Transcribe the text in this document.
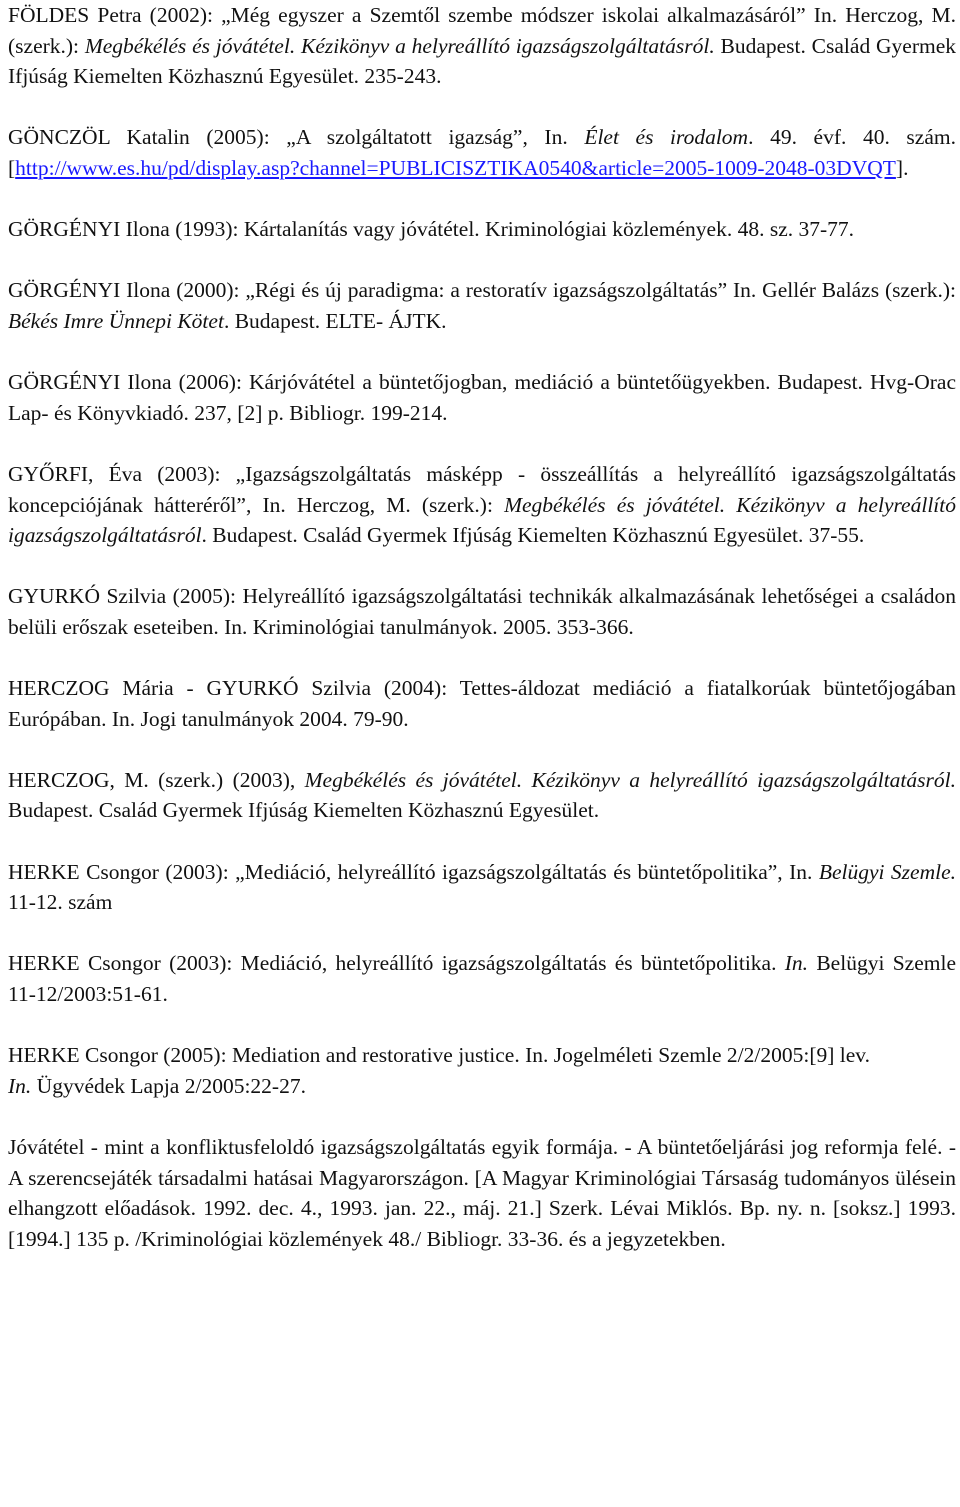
FÖLDES Petra (2002): „Még egyszer a Szemtől szembe módszer iskolai alkalmazásáról” In. Herczog, M. (szerk.): Megbékélés és jóvátétel. Kézikönyv a helyreállító igazságszolgáltatásról. Budapest. Család Gyermek Ifjúság Kiemelten Közhasznú Egyesület. 235-243.

GÖNCZÖL Katalin (2005): „A szolgáltatott igazság”, In. Élet és irodalom. 49. évf. 40. szám. [http://www.es.hu/pd/display.asp?channel=PUBLICISZTIKA0540&article=2005-1009-2048-03DVQT].

GÖRGÉNYI Ilona (1993): Kártalanítás vagy jóvátétel. Kriminológiai közlemények. 48. sz. 37-77.

GÖRGÉNYI Ilona (2000): „Régi és új paradigma: a restoratív igazságszolgáltatás” In. Gellér Balázs (szerk.): Békés Imre Ünnepi Kötet. Budapest. ELTE- ÁJTK.

GÖRGÉNYI Ilona (2006): Kárjóvátétel a büntetőjogban, mediáció a büntetőügyekben. Budapest. Hvg-Orac Lap- és Könyvkiadó. 237, [2] p. Bibliogr. 199-214.

GYŐRFI, Éva (2003): „Igazságszolgáltatás másképp - összeállítás a helyreállító igazságszolgáltatás koncepciójának hátteréről”, In. Herczog, M. (szerk.): Megbékélés és jóvátétel. Kézikönyv a helyreállító igazságszolgáltatásról. Budapest. Család Gyermek Ifjúság Kiemelten Közhasznú Egyesület. 37-55.

GYURKÓ Szilvia (2005): Helyreállító igazságszolgáltatási technikák alkalmazásának lehetőségei a családon belüli erőszak eseteiben. In. Kriminológiai tanulmányok. 2005. 353-366.

HERCZOG Mária - GYURKÓ Szilvia (2004): Tettes-áldozat mediáció a fiatalkorúak büntetőjogában Európában. In. Jogi tanulmányok 2004. 79-90.

HERCZOG, M. (szerk.) (2003), Megbékélés és jóvátétel. Kézikönyv a helyreállító igazságszolgáltatásról. Budapest. Család Gyermek Ifjúság Kiemelten Közhasznú Egyesület.

HERKE Csongor (2003): „Mediáció, helyreállító igazságszolgáltatás és büntetőpolitika”, In. Belügyi Szemle. 11-12. szám

HERKE Csongor (2003): Mediáció, helyreállító igazságszolgáltatás és büntetőpolitika. In. Belügyi Szemle 11-12/2003:51-61.

HERKE Csongor (2005): Mediation and restorative justice. In. Jogelméleti Szemle 2/2/2005:[9] lev.
In. Ügyvédek Lapja 2/2005:22-27.

Jóvátétel - mint a konfliktusfeloldó igazságszolgáltatás egyik formája. - A büntetőeljárási jog reformja felé. - A szerencsejáték társadalmi hatásai Magyarországon. [A Magyar Kriminológiai Társaság tudományos ülésein elhangzott előadások. 1992. dec. 4., 1993. jan. 22., máj. 21.] Szerk. Lévai Miklós. Bp. ny. n. [soksz.] 1993. [1994.] 135 p. /Kriminológiai közlemények 48./ Bibliogr. 33-36. és a jegyzetekben.
